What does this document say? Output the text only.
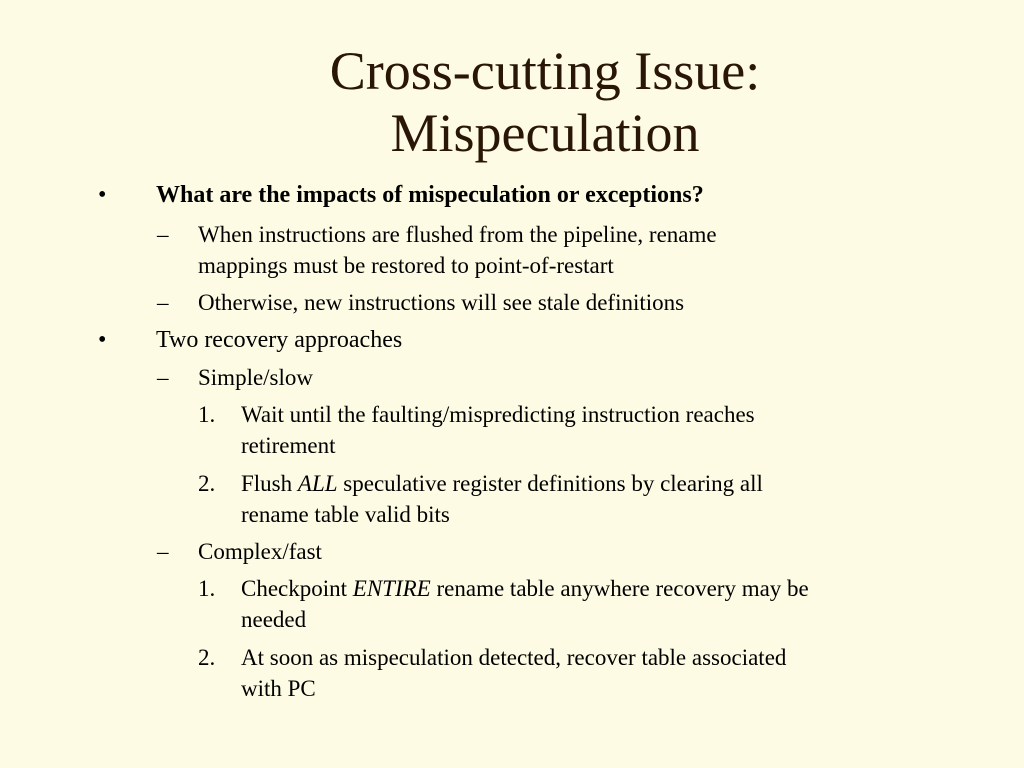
Cross-cutting Issue:
Mispeculation
• What are the impacts of mispeculation or exceptions?
– When instructions are flushed from the pipeline, rename
mappings must be restored to point-of-restart
– Otherwise, new instructions will see stale definitions
• Two recovery approaches
– Simple/slow
1. Wait until the faulting/mispredicting instruction reaches
retirement
2. Flush ALL speculative register definitions by clearing all
rename table valid bits
– Complex/fast
1. Checkpoint ENTIRE rename table anywhere recovery may be
needed
2. At soon as mispeculation detected, recover table associated
with PC
